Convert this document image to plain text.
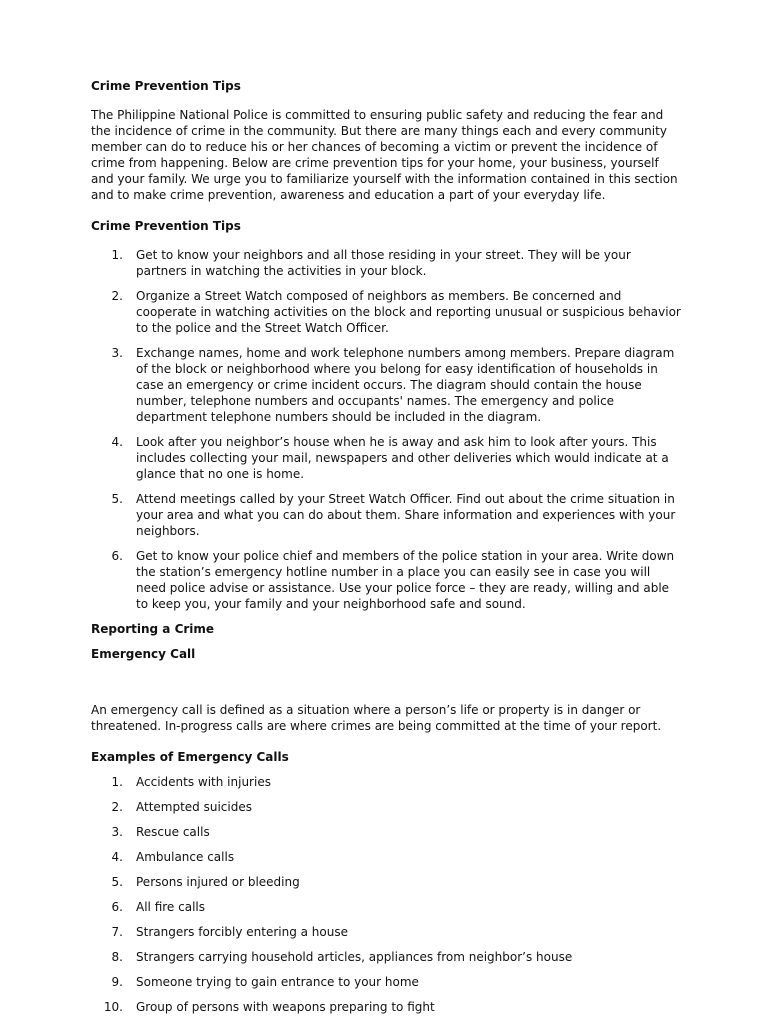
Crime Prevention Tips

The Philippine National Police is committed to ensuring public safety and reducing the fear and the incidence of crime in the community. But there are many things each and every community member can do to reduce his or her chances of becoming a victim or prevent the incidence of crime from happening. Below are crime prevention tips for your home, your business, yourself and your family. We urge you to familiarize yourself with the information contained in this section and to make crime prevention, awareness and education a part of your everyday life.

Crime Prevention Tips

1. Get to know your neighbors and all those residing in your street. They will be your partners in watching the activities in your block.
2. Organize a Street Watch composed of neighbors as members. Be concerned and cooperate in watching activities on the block and reporting unusual or suspicious behavior to the police and the Street Watch Officer.
3. Exchange names, home and work telephone numbers among members. Prepare diagram of the block or neighborhood where you belong for easy identification of households in case an emergency or crime incident occurs. The diagram should contain the house number, telephone numbers and occupants' names. The emergency and police department telephone numbers should be included in the diagram.
4. Look after you neighbor’s house when he is away and ask him to look after yours. This includes collecting your mail, newspapers and other deliveries which would indicate at a glance that no one is home.
5. Attend meetings called by your Street Watch Officer. Find out about the crime situation in your area and what you can do about them. Share information and experiences with your neighbors.
6. Get to know your police chief and members of the police station in your area. Write down the station’s emergency hotline number in a place you can easily see in case you will need police advise or assistance. Use your police force – they are ready, willing and able to keep you, your family and your neighborhood safe and sound.

Reporting a Crime

Emergency Call

An emergency call is defined as a situation where a person’s life or property is in danger or threatened. In-progress calls are where crimes are being committed at the time of your report.

Examples of Emergency Calls

1. Accidents with injuries
2. Attempted suicides
3. Rescue calls
4. Ambulance calls
5. Persons injured or bleeding
6. All fire calls
7. Strangers forcibly entering a house
8. Strangers carrying household articles, appliances from neighbor’s house
9. Someone trying to gain entrance to your home
10. Group of persons with weapons preparing to fight
